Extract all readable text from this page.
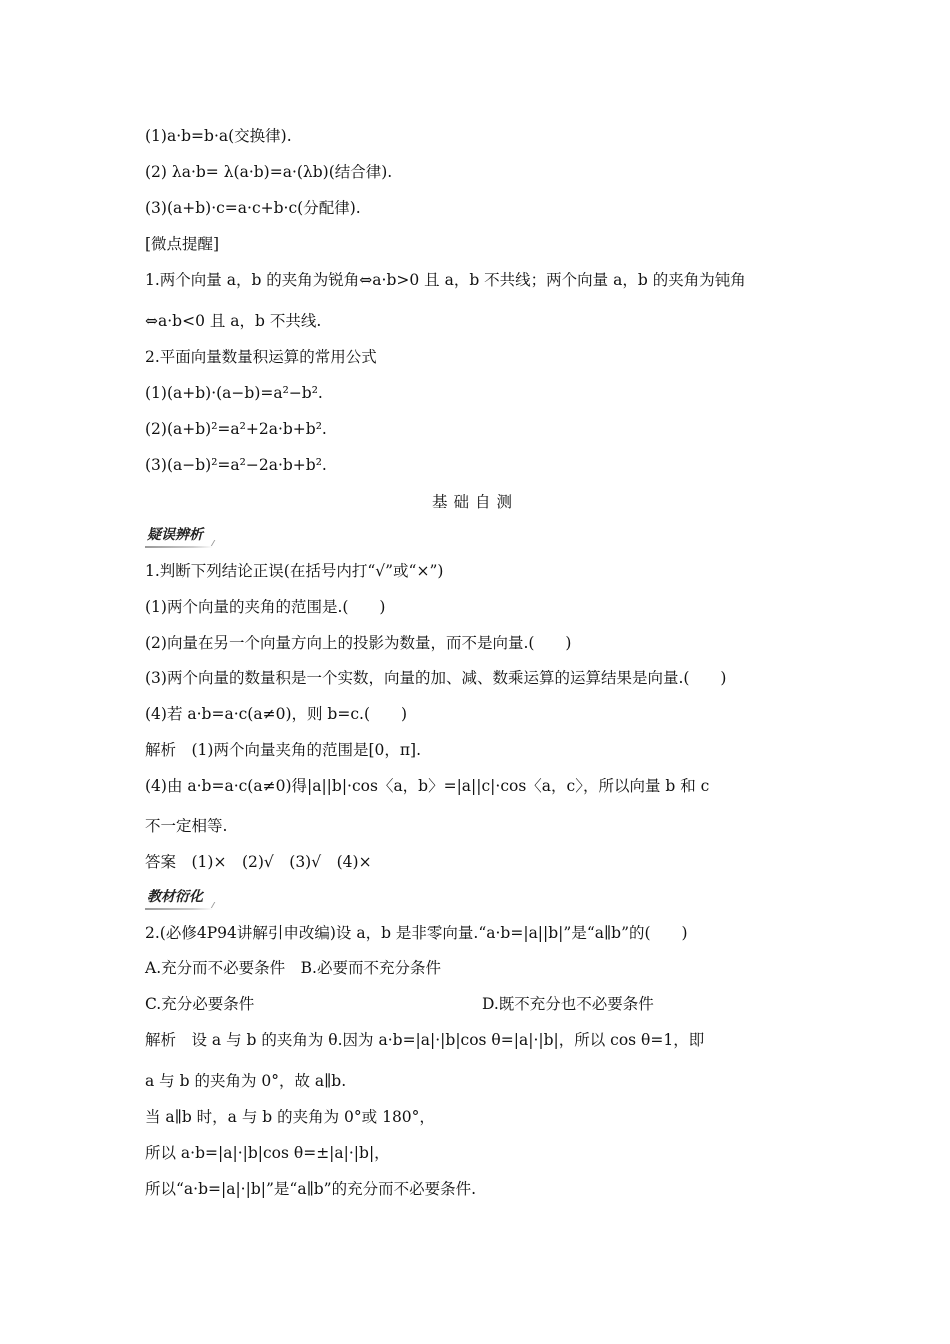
(1)a·b=b·a(交换律).
(2) λa·b= λ(a·b)=a·(λb)(结合律).
(3)(a+b)·c=a·c+b·c(分配律).
[微点提醒]
1.两个向量 a，b 的夹角为锐角⇔a·b>0 且 a，b 不共线；两个向量 a，b 的夹角为钝角
⇔a·b<0 且 a，b 不共线.
2.平面向量数量积运算的常用公式
(1)(a+b)·(a−b)=a²−b².
(2)(a+b)²=a²+2a·b+b².
(3)(a−b)²=a²−2a·b+b².
基础自测
疑误辨析
1.判断下列结论正误(在括号内打“√”或“×”)
(1)两个向量的夹角的范围是.(　　)
(2)向量在另一个向量方向上的投影为数量，而不是向量.(　　)
(3)两个向量的数量积是一个实数，向量的加、减、数乘运算的运算结果是向量.(　　)
(4)若 a·b=a·c(a≠0)，则 b=c.(　　)
解析　(1)两个向量夹角的范围是[0，π].
(4)由 a·b=a·c(a≠0)得|a||b|·cos〈a，b〉=|a||c|·cos〈a，c〉，所以向量 b 和 c
不一定相等.
答案　(1)×　(2)√　(3)√　(4)×
教材衍化
2.(必修4P94讲解引申改编)设 a，b 是非零向量.“a·b=|a||b|”是“a∥b”的(　　)
A.充分而不必要条件　 B.必要而不充分条件
C.充分必要条件	D.既不充分也不必要条件
解析　设 a 与 b 的夹角为 θ.因为 a·b=|a|·|b|cos θ=|a|·|b|，所以 cos θ=1，即
a 与 b 的夹角为 0°，故 a∥b.
当 a∥b 时，a 与 b 的夹角为 0°或 180°，
所以 a·b=|a|·|b|cos θ=±|a|·|b|，
所以“a·b=|a|·|b|”是“a∥b”的充分而不必要条件.
